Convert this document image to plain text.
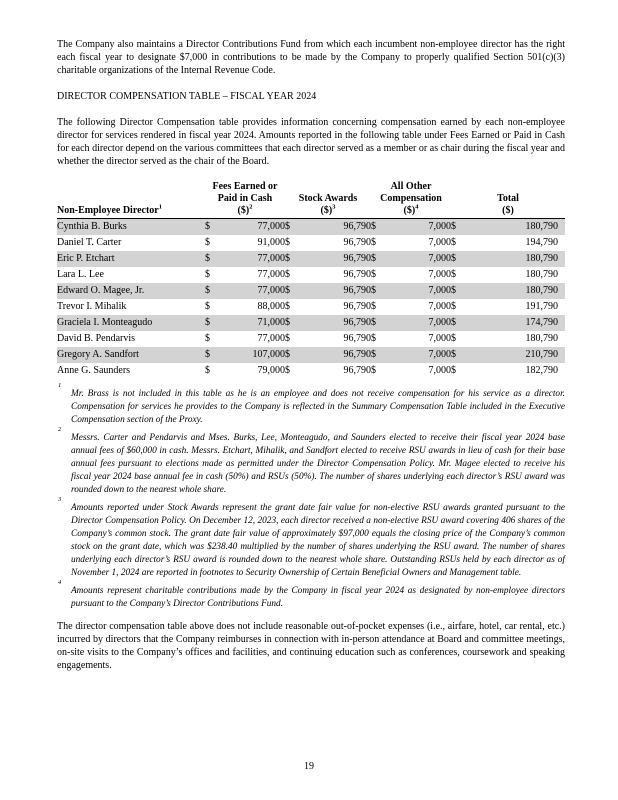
The Company also maintains a Director Contributions Fund from which each incumbent non-employee director has the right each fiscal year to designate $7,000 in contributions to be made by the Company to properly qualified Section 501(c)(3) charitable organizations of the Internal Revenue Code.

DIRECTOR COMPENSATION TABLE – FISCAL YEAR 2024

The following Director Compensation table provides information concerning compensation earned by each non-employee director for services rendered in fiscal year 2024. Amounts reported in the following table under Fees Earned or Paid in Cash for each director depend on the various committees that each director served as a member or as chair during the fiscal year and whether the director served as the chair of the Board.

Non-Employee Director$^1$	
Fees Earned or
Paid in Cash
($)$^2$

Stock Awards
($)$^3$

All Other
Compensation
($)$^4$

Total
($)

Cynthia B. Burks	$	77,000	$	96,790	$	7,000	$	180,790
Daniel T. Carter	$	91,000	$	96,790	$	7,000	$	194,790
Eric P. Etchart	$	77,000	$	96,790	$	7,000	$	180,790
Lara L. Lee	$	77,000	$	96,790	$	7,000	$	180,790
Edward O. Magee, Jr.	$	77,000	$	96,790	$	7,000	$	180,790
Trevor I. Mihalik	$	88,000	$	96,790	$	7,000	$	191,790
Graciela I. Monteagudo	$	71,000	$	96,790	$	7,000	$	174,790
David B. Pendarvis	$	77,000	$	96,790	$	7,000	$	180,790
Gregory A. Sandfort	$	107,000	$	96,790	$	7,000	$	210,790
Anne G. Saunders	$	79,000	$	96,790	$	7,000	$	182,790
1
Mr. Brass is not included in this table as he is an employee and does not receive compensation for his service as a director. Compensation for services he provides to the Company is reflected in the Summary Compensation Table included in the Executive Compensation section of the Proxy.
2
Messrs. Carter and Pendarvis and Mses. Burks, Lee, Monteagudo, and Saunders elected to receive their fiscal year 2024 base annual fees of $60,000 in cash. Messrs. Etchart, Mihalik, and Sandfort elected to receive RSU awards in lieu of cash for their base annual fees pursuant to elections made as permitted under the Director Compensation Policy. Mr. Magee elected to receive his fiscal year 2024 base annual fee in cash (50%) and RSUs (50%). The number of shares underlying each director’s RSU award was rounded down to the nearest whole share.
3
Amounts reported under Stock Awards represent the grant date fair value for non-elective RSU awards granted pursuant to the Director Compensation Policy. On December 12, 2023, each director received a non-elective RSU award covering 406 shares of the Company’s common stock. The grant date fair value of approximately $97,000 equals the closing price of the Company’s common stock on the grant date, which was $238.40 multiplied by the number of shares underlying the RSU award. The number of shares underlying each director’s RSU award is rounded down to the nearest whole share. Outstanding RSUs held by each director as of November 1, 2024 are reported in footnotes to Security Ownership of Certain Beneficial Owners and Management table.
4
Amounts represent charitable contributions made by the Company in fiscal year 2024 as designated by non-employee directors pursuant to the Company’s Director Contributions Fund.

The director compensation table above does not include reasonable out-of-pocket expenses (i.e., airfare, hotel, car rental, etc.) incurred by directors that the Company reimburses in connection with in-person attendance at Board and committee meetings, on-site visits to the Company’s offices and facilities, and continuing education such as conferences, coursework and speaking engagements.

19
